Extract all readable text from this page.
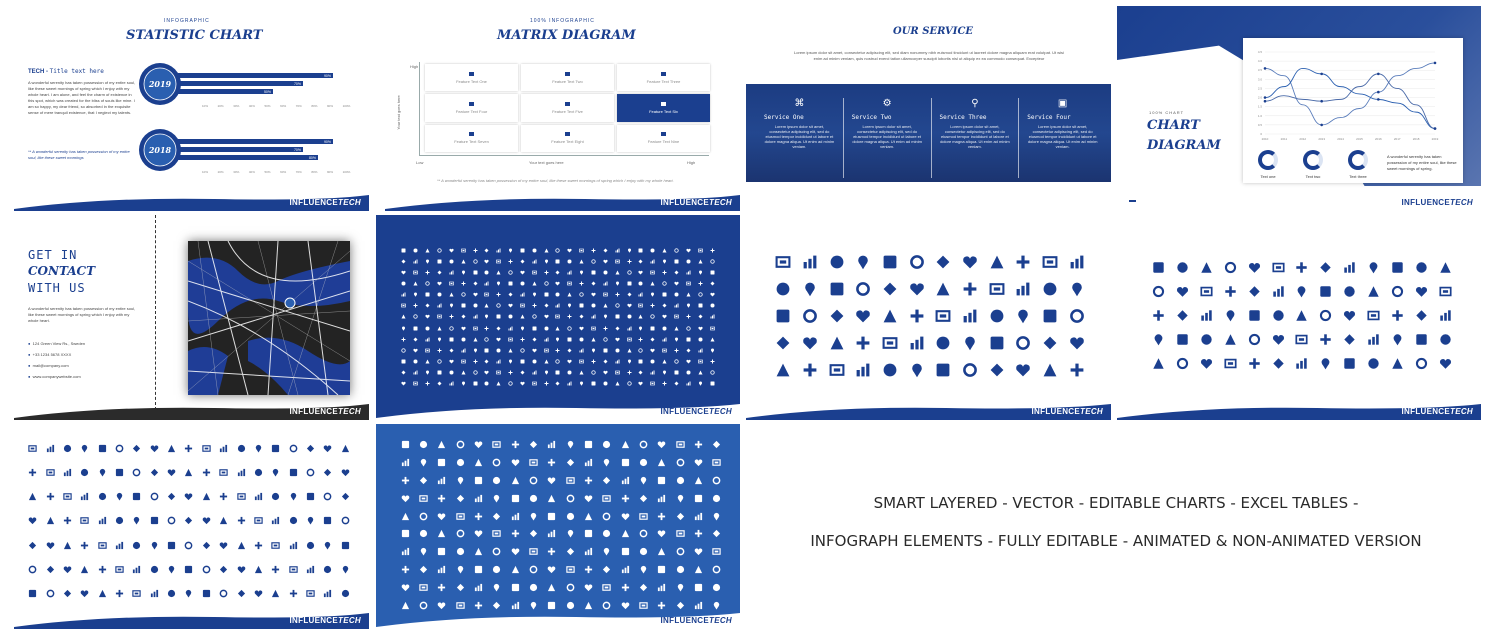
INFOGRAPHIC
STATISTIC CHART
TECH - Title text here
A wonderful serenity has taken possession of my entire soul, like these sweet mornings of spring which I enjoy with my whole heart. I am alone, and feel the charm of existence in this spot, which was created for the bliss of souls like mine. I am so happy, my dear friend, so absorbed in the exquisite sense of mere tranquil existence, that I neglect my talents.
** A wonderful serenity has taken possession of my entire soul, like these sweet mornings
90%
70%
50%
2019
10%	20%	30%	40%	50%	60%	70%	80%	90%	100%
90%
70%
80%
2018
10%	20%	30%	40%	50%	60%	70%	80%	90%	100%
INFLUENCETECH
100% INFOGRAPHIC
MATRIX DIAGRAM
High
Your text goes here
Low	Your text goes here	High
Feature Text One	Feature Text Two	Feature Text Three
Feature Text Four	Feature Text Five	Feature Text Six
Feature Text Seven	Feature Text Eight	Feature Text Nine
** A wonderful serenity has taken possession of my entire soul, like these sweet mornings of spring which I enjoy with my whole heart.
INFLUENCETECH
OUR SERVICE
Lorem ipsum dolor sit amet, consectetur adipiscing elit, sed diam nonummy nibh euismod tincidunt ut laoreet dolore magna aliquam erat volutpat. Ut wisi enim ad minim veniam, quis nostrud exerci tation ullamcorper suscipit lobortis nisl ut aliquip ex ea commodo consequat. Excepteur
⌘
Service One
Lorem ipsum dolor sit amet, consectetur adipiscing elit, sed do eiusmod tempor incididunt ut labore et dolore magna aliqua. Ut enim ad minim veniam.
⚙
Service Two
Lorem ipsum dolor sit amet, consectetur adipiscing elit, sed do eiusmod tempor incididunt ut labore et dolore magna aliqua. Ut enim ad minim veniam.
⚲
Service Three
Lorem ipsum dolor sit amet, consectetur adipiscing elit, sed do eiusmod tempor incididunt ut labore et dolore magna aliqua. Ut enim ad minim veniam.
▣
Service Four
Lorem ipsum dolor sit amet, consectetur adipiscing elit, sed do eiusmod tempor incididunt ut labore et dolore magna aliqua. Ut enim ad minim veniam.
100% CHART
CHART
DIAGRAM
4.5
4.0
3.5
3.0
2.5
2.0
1.5
1.0
0.5
0
2010	2011	2012	2013	2014	2015	2016	2017	2018	2019
Text one	Text two	Text three
A wonderful serenity has taken possession of my entire soul, like these sweet mornings of spring.
INFLUENCETECH
GET IN
CONTACT
WITH US
A wonderful serenity has taken possession of my entire soul, like these sweet mornings of spring which I enjoy with my whole heart.
● 124 Green View Rs., Sweden
● +33 1234 5678 XXXX
● mail@company.com
● www.companywebsite.com
INFLUENCETECH	INFLUENCETECH	INFLUENCETECH	INFLUENCETECH
INFLUENCETECH	INFLUENCETECH
SMART LAYERED - VECTOR - EDITABLE CHARTS - EXCEL TABLES -
INFOGRAPH ELEMENTS - FULLY EDITABLE - ANIMATED & NON-ANIMATED VERSION
